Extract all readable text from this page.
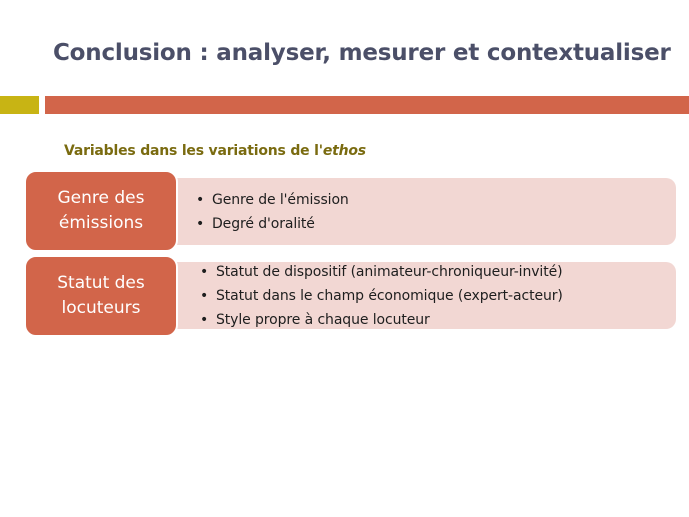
Conclusion : analyser, mesurer et contextualiser
Variables dans les variations de l'ethos
• Genre de l'émission
• Degré d'oralité
Genre des
émissions
• Statut de dispositif (animateur-chroniqueur-invité)
• Statut dans le champ économique (expert-acteur)
• Style propre à chaque locuteur
Statut des
locuteurs
